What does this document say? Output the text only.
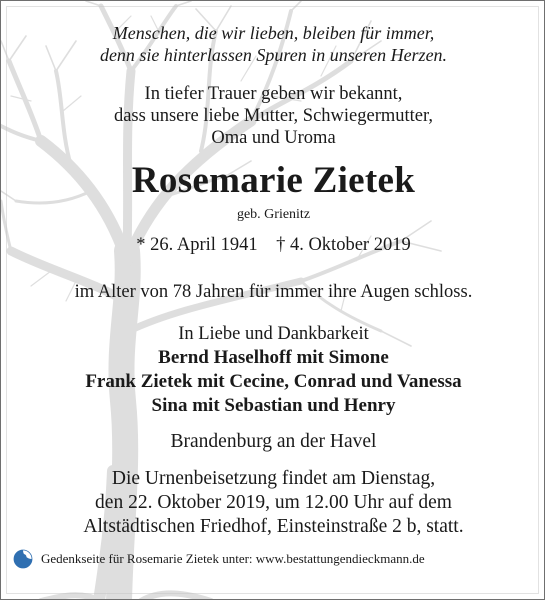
Menschen, die wir lieben, bleiben für immer,
denn sie hinterlassen Spuren in unseren Herzen.
In tiefer Trauer geben wir bekannt,
dass unsere liebe Mutter, Schwiegermutter,
Oma und Uroma
Rosemarie Zietek
geb. Grienitz
* 26. April 1941    † 4. Oktober 2019
im Alter von 78 Jahren für immer ihre Augen schloss.
In Liebe und Dankbarkeit
Bernd Haselhoff mit Simone
Frank Zietek mit Cecine, Conrad und Vanessa
Sina mit Sebastian und Henry
Brandenburg an der Havel
Die Urnenbeisetzung findet am Dienstag,
den 22. Oktober 2019, um 12.00 Uhr auf dem
Altstädtischen Friedhof, Einsteinstraße 2 b, statt.
Gedenkseite für Rosemarie Zietek unter: www.bestattungendieckmann.de
